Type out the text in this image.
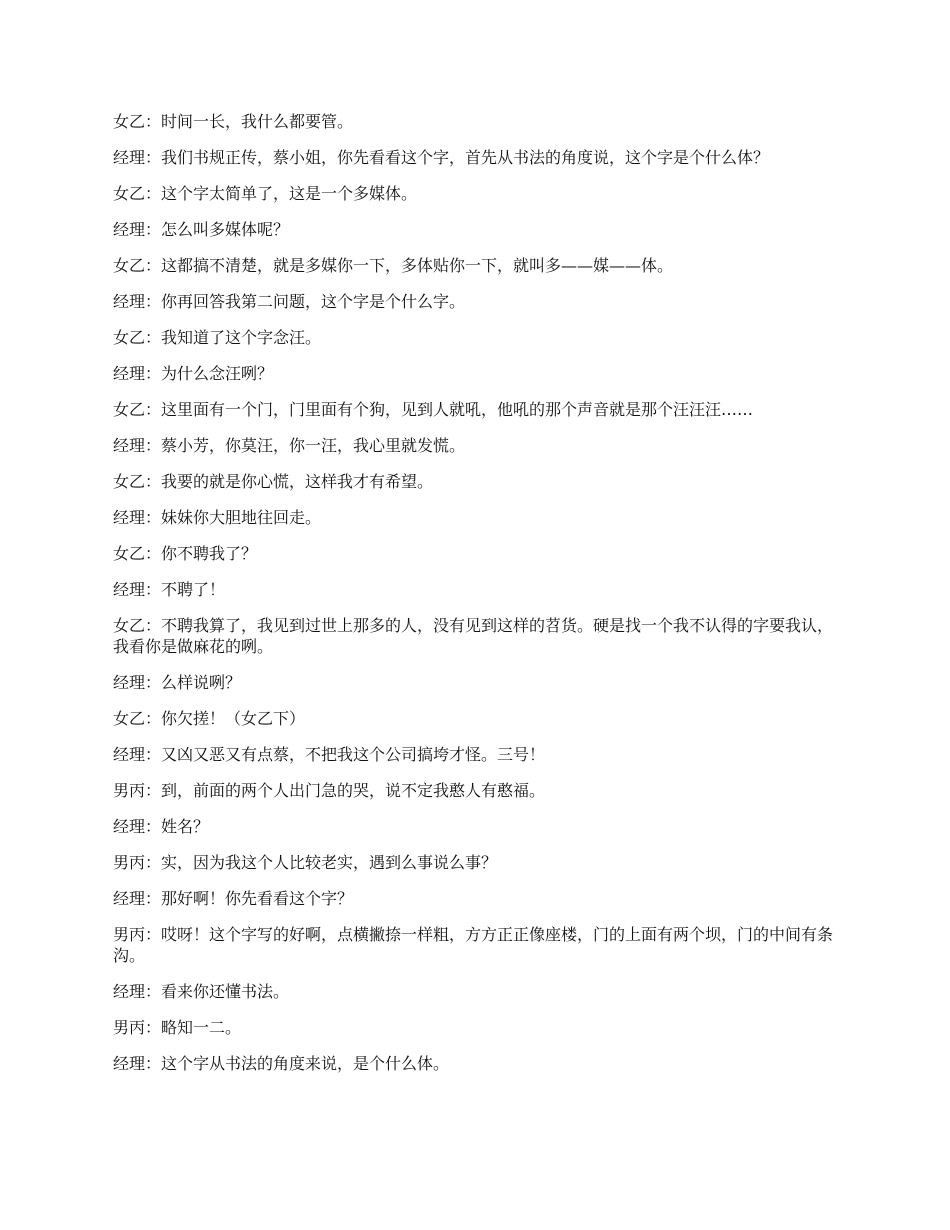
女乙：时间一长，我什么都要管。

经理：我们书规正传，蔡小姐，你先看看这个字，首先从书法的角度说，这个字是个什么体？

女乙：这个字太简单了，这是一个多媒体。

经理：怎么叫多媒体呢？

女乙：这都搞不清楚，就是多媒你一下，多体贴你一下，就叫多——媒——体。

经理：你再回答我第二问题，这个字是个什么字。

女乙：我知道了这个字念汪。

经理：为什么念汪咧？

女乙：这里面有一个门，门里面有个狗，见到人就吼，他吼的那个声音就是那个汪汪汪……

经理：蔡小芳，你莫汪，你一汪，我心里就发慌。

女乙：我要的就是你心慌，这样我才有希望。

经理：妹妹你大胆地往回走。

女乙：你不聘我了？

经理：不聘了！

女乙：不聘我算了，我见到过世上那多的人，没有见到这样的苕货。硬是找一个我不认得的字要我认，我看你是做麻花的咧。

经理：么样说咧？

女乙：你欠搓！（女乙下）

经理：又凶又恶又有点蔡，不把我这个公司搞垮才怪。三号！

男丙：到，前面的两个人出门急的哭，说不定我憨人有憨福。

经理：姓名？

男丙：实，因为我这个人比较老实，遇到么事说么事？

经理：那好啊！你先看看这个字？

男丙：哎呀！这个字写的好啊，点横撇捺一样粗，方方正正像座楼，门的上面有两个坝，门的中间有条沟。

经理：看来你还懂书法。

男丙：略知一二。

经理：这个字从书法的角度来说，是个什么体。
